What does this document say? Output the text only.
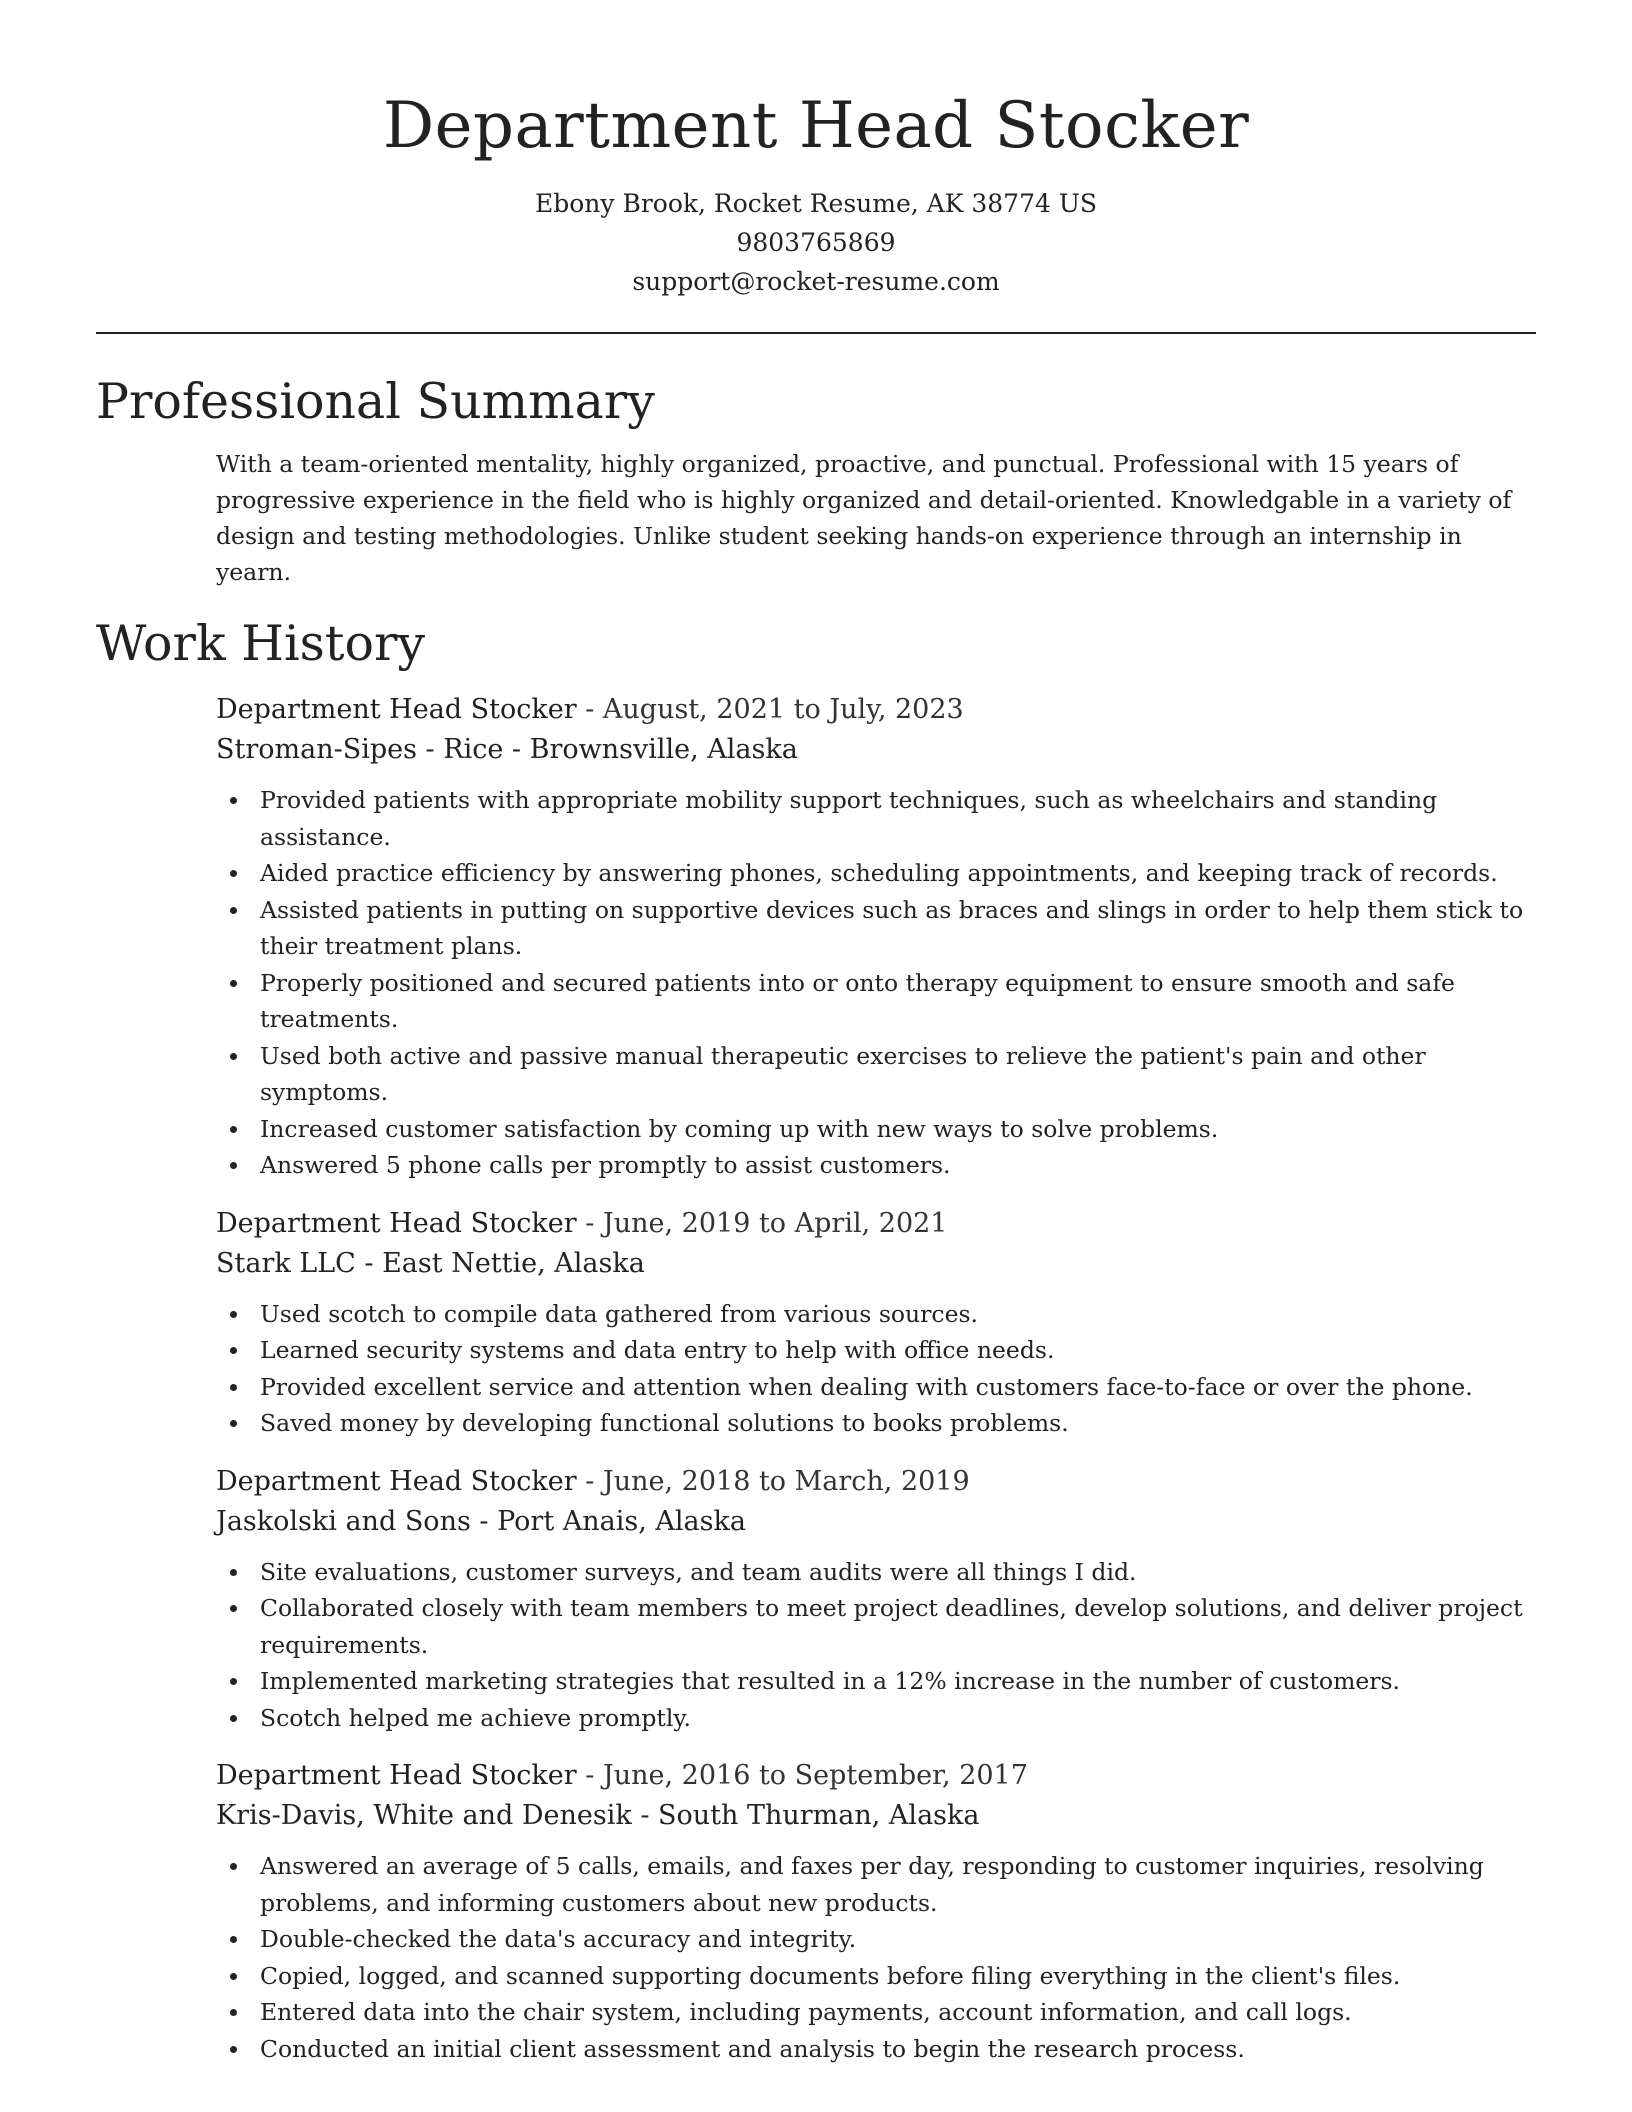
Department Head Stocker
Ebony Brook, Rocket Resume, AK 38774 US
9803765869
support@rocket-resume.com
Professional Summary

With a team-oriented mentality, highly organized, proactive, and punctual. Professional with 15 years of progressive experience in the field who is highly organized and detail-oriented. Knowledgable in a variety of design and testing methodologies. Unlike student seeking hands-on experience through an internship in yearn.

Work History
Department Head Stocker - August, 2021 to July, 2023
Stroman-Sipes - Rice - Brownsville, Alaska
Provided patients with appropriate mobility support techniques, such as wheelchairs and standing assistance.
Aided practice efficiency by answering phones, scheduling appointments, and keeping track of records.
Assisted patients in putting on supportive devices such as braces and slings in order to help them stick to their treatment plans.
Properly positioned and secured patients into or onto therapy equipment to ensure smooth and safe treatments.
Used both active and passive manual therapeutic exercises to relieve the patient's pain and other symptoms.
Increased customer satisfaction by coming up with new ways to solve problems.
Answered 5 phone calls per promptly to assist customers.
Department Head Stocker - June, 2019 to April, 2021
Stark LLC - East Nettie, Alaska
Used scotch to compile data gathered from various sources.
Learned security systems and data entry to help with office needs.
Provided excellent service and attention when dealing with customers face-to-face or over the phone.
Saved money by developing functional solutions to books problems.
Department Head Stocker - June, 2018 to March, 2019
Jaskolski and Sons - Port Anais, Alaska
Site evaluations, customer surveys, and team audits were all things I did.
Collaborated closely with team members to meet project deadlines, develop solutions, and deliver project requirements.
Implemented marketing strategies that resulted in a 12% increase in the number of customers.
Scotch helped me achieve promptly.
Department Head Stocker - June, 2016 to September, 2017
Kris-Davis, White and Denesik - South Thurman, Alaska
Answered an average of 5 calls, emails, and faxes per day, responding to customer inquiries, resolving problems, and informing customers about new products.
Double-checked the data's accuracy and integrity.
Copied, logged, and scanned supporting documents before filing everything in the client's files.
Entered data into the chair system, including payments, account information, and call logs.
Conducted an initial client assessment and analysis to begin the research process.
